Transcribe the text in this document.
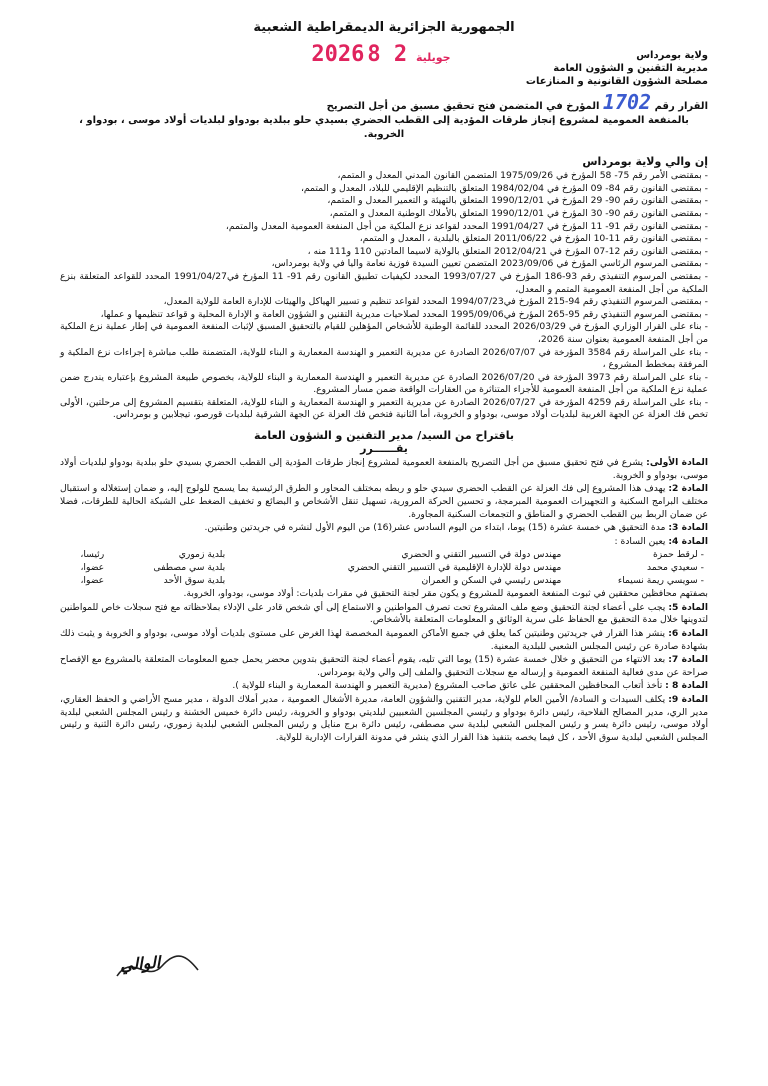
الجمهورية الجزائرية الديمقراطية الشعبية
ولاية بومرداس
مديرية التقنين و الشؤون العامة
مصلحة الشؤون القانونية و المنازعات
2026	جويلية 2 8
القرار رقم 1702 المؤرخ في المتضمن فتح تحقيق مسبق من أجل التصريح
بالمنفعة العمومية لمشروع إنجاز طرقات المؤدية إلى القطب الحضري بسيدي حلو ببلدية بودواو لبلديات أولاد موسى ، بودواو ، الخروبة.
إن والي ولاية بومرداس
- بمقتضى الأمر رقم 75- 58 المؤرخ في 1975/09/26 المتضمن القانون المدني المعدل و المتمم،
- بمقتضى القانون رقم 84- 09 المؤرخ في 1984/02/04 المتعلق بالتنظيم الإقليمي للبلاد، المعدل و المتمم،
- بمقتضى القانون رقم 90- 29 المؤرخ في 1990/12/01 المتعلق بالتهيئة و التعمير المعدل و المتمم،
- بمقتضى القانون رقم 90- 30 المؤرخ في 1990/12/01 المتعلق بالأملاك الوطنية المعدل و المتمم،
- بمقتضى القانون رقم 91- 11 المؤرخ في 1991/04/27 المحدد لقواعد نزع الملكية من أجل المنفعة العمومية المعدل والمتمم،
- بمقتضى القانون رقم 11-10 المؤرخ في 2011/06/22 المتعلق بالبلدية ، المعدل و المتمم،
- بمقتضى القانون رقم 12-07 المؤرخ في 2012/04/21 المتعلق بالولاية لاسيما المادتين 110 و111 منه ،
- بمقتضى المرسوم الرئاسي المؤرخ في 2023/09/06 المتضمن تعيين السيدة فوزية نعامة واليا في ولاية بومرداس،
- بمقتضى المرسوم التنفيذي رقم 93-186 المؤرخ في 1993/07/27 المحدد لكيفيات تطبيق القانون رقم 91- 11 المؤرخ في1991/04/27 المحدد للقواعد المتعلقة بنزع الملكية من أجل المنفعة العمومية المتمم و المعدل،
- بمقتضى المرسوم التنفيذي رقم 94-215 المؤرخ في1994/07/23 المحدد لقواعد تنظيم و تسيير الهياكل والهيئات للإدارة العامة للولاية المعدل،
- بمقتضى المرسوم التنفيذي رقم 95-265 المؤرخ في1995/09/06 المحدد لصلاحيات مديرية التقنين و الشؤون العامة و الإدارة المحلية و قواعد تنظيمها و عملها،
- بناء على القرار الوزاري المؤرخ في 2026/03/29 المحدد للقائمة الوطنية للأشخاص المؤهلين للقيام بالتحقيق المسبق لإثبات المنفعة العمومية في إطار عملية نزع الملكية من أجل المنفعة العمومية بعنوان سنة 2026،
- بناء على المراسلة رقم 3584 المؤرخة في 2026/07/07 الصادرة عن مديرية التعمير و الهندسة المعمارية و البناء للولاية، المتضمنة طلب مباشرة إجراءات نزع الملكية و المرفقة بمخطط المشروع ،
- بناء على المراسلة رقم 3973 المؤرخة في 2026/07/20 الصادرة عن مديرية التعمير و الهندسة المعمارية و البناء للولاية، بخصوص طبيعة المشروع بإعتباره يندرج ضمن عملية نزع الملكية من أجل المنفعة العمومية للأجزاء المتناثرة من العقارات الواقعة ضمن مسار المشروع.
- بناء على المراسلة رقم 4259 المؤرخة في 2026/07/27 الصادرة عن مديرية التعمير و الهندسة المعمارية و البناء للولاية، المتعلقة بتقسيم المشروع إلى مرحلتين، الأولى تخص فك العزلة عن الجهة الغربية لبلديات أولاد موسى، بودواو و الخروبة، أما الثانية فتخص فك العزلة عن الجهة الشرقية لبلديات قورصو، تيجلابين و بومرداس.
باقتراح من السيد/ مدير التقنين و الشؤون العامة
يقــــــرر
المادة الأولى: يشرع في فتح تحقيق مسبق من أجل التصريح بالمنفعة العمومية لمشروع إنجاز طرقات المؤدية إلى القطب الحضري بسيدي حلو ببلدية بودواو لبلديات أولاد موسى، بودواو و الخروبة.
المادة 2: يهدف هذا المشروع إلى فك العزلة عن القطب الحضري سيدي حلو و ربطه بمختلف المحاور و الطرق الرئيسية بما يسمح للولوج إليه، و ضمان إستغلاله و استقبال مختلف البرامج السكنية و التجهيزات العمومية المبرمجة، و تحسين الحركة المرورية، تسهيل تنقل الأشخاص و البضائع و تخفيف الضغط على الشبكة الحالية للطرقات، فضلا عن ضمان الربط بين القطب الحضري و المناطق و التجمعات السكنية المجاورة.
المادة 3: مدة التحقيق هي خمسة عشرة (15) يوما، ابتداء من اليوم السادس عشر(16) من اليوم الأول لنشره في جريدتين وطنيتين.
المادة 4: يعين السادة :
- لرقط حمزة	مهندس دولة في التسيير التقني و الحضري	بلدية زموري	رئيسا،
- سعيدي محمد	مهندس دولة للإدارة الإقليمية في التسيير التقني الحضري	بلدية سي مصطفى	عضوا،
- سويسي ريمة نسيماء	مهندس رئيسي في السكن و العمران	بلدية سوق الأحد	عضوا،
بصفتهم محافظين محققين في ثبوت المنفعة العمومية للمشروع و يكون مقر لجنة التحقيق في مقرات بلديات: أولاد موسى، بودواو، الخروبة.
المادة 5: يجب على أعضاء لجنة التحقيق وضع ملف المشروع تحت تصرف المواطنين و الاستماع إلى أي شخص قادر على الإدلاء بملاحظاته مع فتح سجلات خاص للمواطنين لتدوينها خلال مدة التحقيق مع الحفاظ على سرية الوثائق و المعلومات المتعلقة بالأشخاص.
المادة 6: ينشر هذا القرار في جريدتين وطنيتين كما يعلق في جميع الأماكن العمومية المخصصة لهذا الغرض على مستوى بلديات أولاد موسى، بودواو و الخروبة و يثبت ذلك بشهادة صادرة عن رئيس المجلس الشعبي للبلدية المعنية.
المادة 7: بعد الانتهاء من التحقيق و خلال خمسة عشرة (15) يوما التي تليه، يقوم أعضاء لجنة التحقيق بتدوين محضر يحمل جميع المعلومات المتعلقة بالمشروع مع الإفصاح صراحة عن مدى فعالية المنفعة العمومية و إرساله مع سجلات التحقيق والملف إلى والي ولاية بومرداس.
المادة 8 : تأخذ أتعاب المحافظين المحققين على عاتق صاحب المشروع (مديرية التعمير و الهندسة المعمارية و البناء للولاية ).
المادة 9: يكلف السيدات و السادة/ الأمين العام للولاية، مدير التقنين والشؤون العامة، مديرة الأشغال العمومية ، مدير أملاك الدولة ، مدير مسح الأراضي و الحفظ العقاري، مدير الري، مدير المصالح الفلاحية، رئيس دائرة بودواو و رئيسي المجلسين الشعبيين لبلديتي بودواو و الخروبة، رئيس دائرة خميس الخشنة و رئيس المجلس الشعبي لبلدية أولاد موسى، رئيس دائرة يسر و رئيس المجلس الشعبي لبلدية سي مصطفى، رئيس دائرة برج منايل و رئيس المجلس الشعبي لبلدية زموري، رئيس دائرة الثنية و رئيس المجلس الشعبي لبلدية سوق الأحد ، كل فيما يخصه بتنفيذ هذا القرار الذي ينشر في مدونة القرارات الإدارية للولاية.
الوالي
